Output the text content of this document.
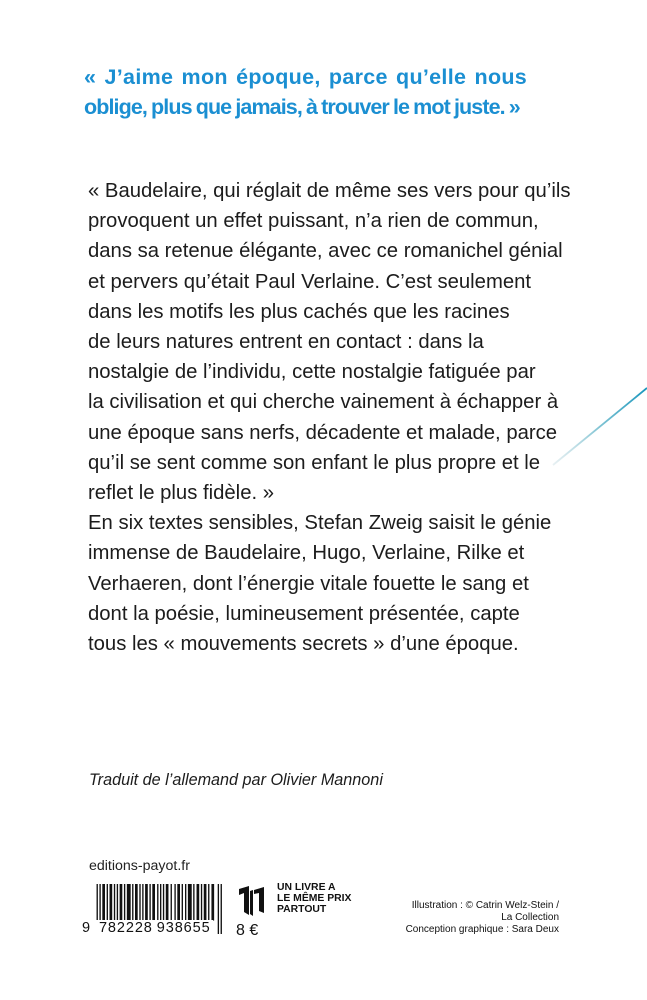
« J’aime mon époque, parce qu’elle nous
oblige, plus que jamais, à trouver le mot juste. »
« Baudelaire, qui réglait de même ses vers pour qu’ils
provoquent un effet puissant, n’a rien de commun,
dans sa retenue élégante, avec ce romanichel génial
et pervers qu’était Paul Verlaine. C’est seulement
dans les motifs les plus cachés que les racines
de leurs natures entrent en contact : dans la
nostalgie de l’individu, cette nostalgie fatiguée par
la civilisation et qui cherche vainement à échapper à
une époque sans nerfs, décadente et malade, parce
qu’il se sent comme son enfant le plus propre et le
reflet le plus fidèle. »
En six textes sensibles, Stefan Zweig saisit le génie
immense de Baudelaire, Hugo, Verlaine, Rilke et
Verhaeren, dont l’énergie vitale fouette le sang et
dont la poésie, lumineusement présentée, capte
tous les « mouvements secrets » d’une époque.
Traduit de l’allemand par Olivier Mannoni
editions-payot.fr
9 782228 938655
UN LIVRE A
LE MÊME PRIX
PARTOUT
8 €
Illustration : © Catrin Welz-Stein /
La Collection
Conception graphique : Sara Deux
